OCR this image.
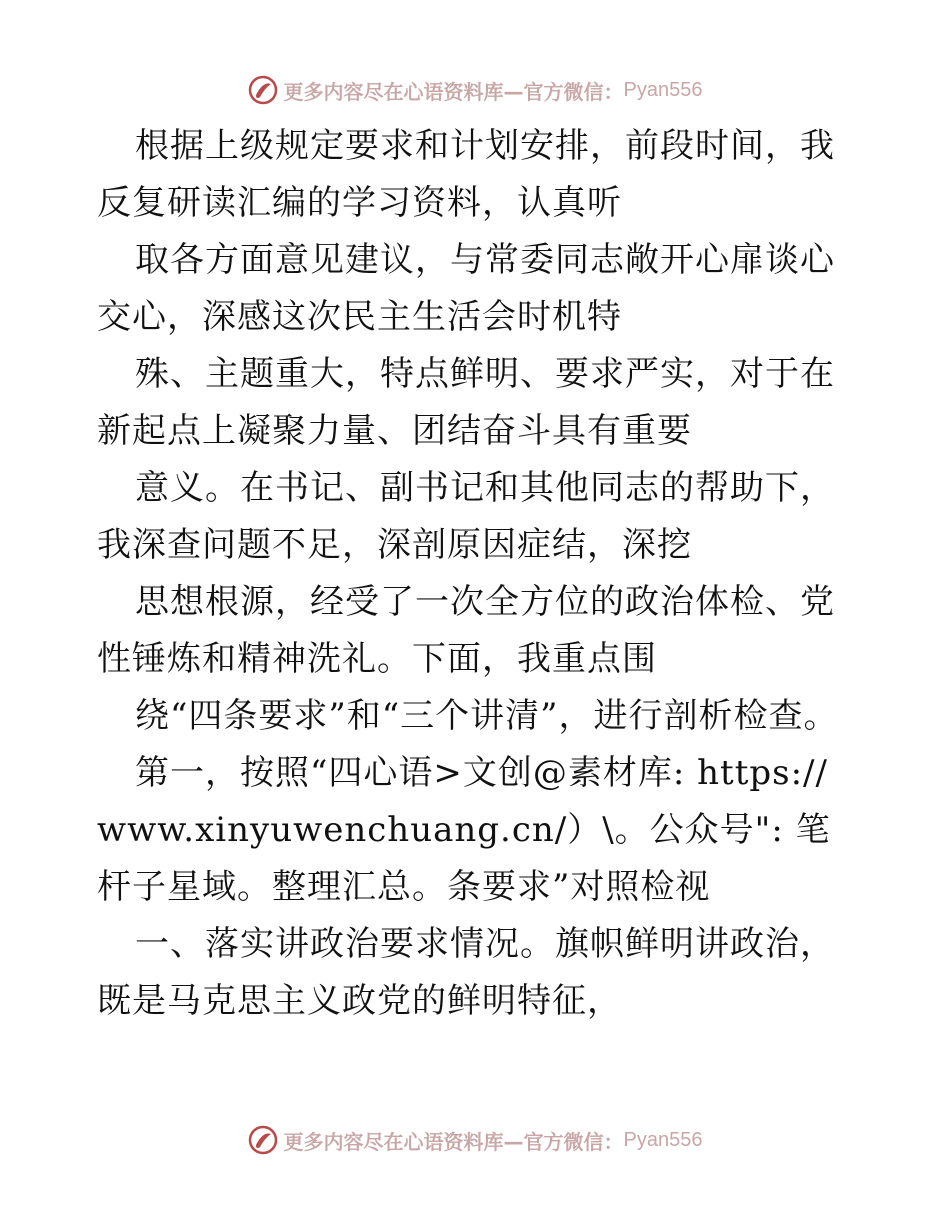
更多内容尽在心语资料库—官方微信： Pyan556

根据上级规定要求和计划安排，前段时间，我反复研读汇编的学习资料，认真听

取各方面意见建议，与常委同志敞开心扉谈心交心，深感这次民主生活会时机特

殊、主题重大，特点鲜明、要求严实，对于在新起点上凝聚力量、团结奋斗具有重要

意义。在书记、副书记和其他同志的帮助下，我深查问题不足，深剖原因症结，深挖

思想根源，经受了一次全方位的政治体检、党性锤炼和精神洗礼。下面，我重点围

绕“四条要求”和“三个讲清”，进行剖析检查。

第一，按照“四心语>文创@素材库: https://www.xinyuwenchuang.cn/）\。公众号": 笔杆子星域。整理汇总。条要求”对照检视

一、落实讲政治要求情况。旗帜鲜明讲政治，既是马克思主义政党的鲜明特征，

更多内容尽在心语资料库—官方微信： Pyan556
